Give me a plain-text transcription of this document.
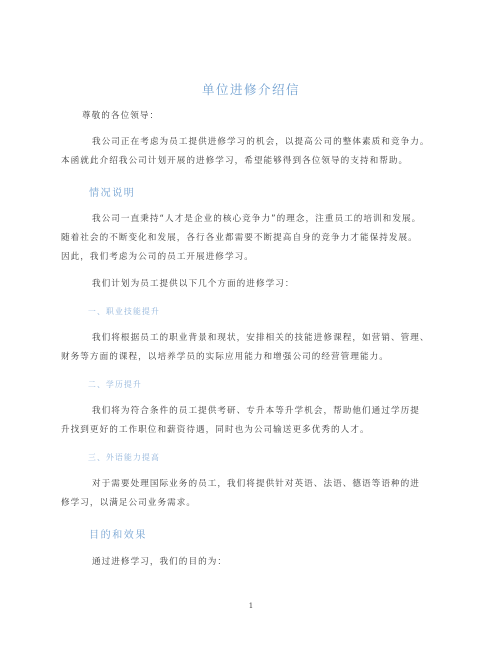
单位进修介绍信
尊敬的各位领导：
我公司正在考虑为员工提供进修学习的机会，以提高公司的整体素质和竞争力。
本函就此介绍我公司计划开展的进修学习，希望能够得到各位领导的支持和帮助。
情况说明
我公司一直秉持“人才是企业的核心竞争力”的理念，注重员工的培训和发展。
随着社会的不断变化和发展，各行各业都需要不断提高自身的竞争力才能保持发展。
因此，我们考虑为公司的员工开展进修学习。
我们计划为员工提供以下几个方面的进修学习：
一、职业技能提升
我们将根据员工的职业背景和现状，安排相关的技能进修课程，如营销、管理、
财务等方面的课程，以培养学员的实际应用能力和增强公司的经营管理能力。
二、学历提升
我们将为符合条件的员工提供考研、专升本等升学机会，帮助他们通过学历提
升找到更好的工作职位和薪资待遇，同时也为公司输送更多优秀的人才。
三、外语能力提高
对于需要处理国际业务的员工，我们将提供针对英语、法语、德语等语种的进
修学习，以满足公司业务需求。
目的和效果
通过进修学习，我们的目的为：
1
